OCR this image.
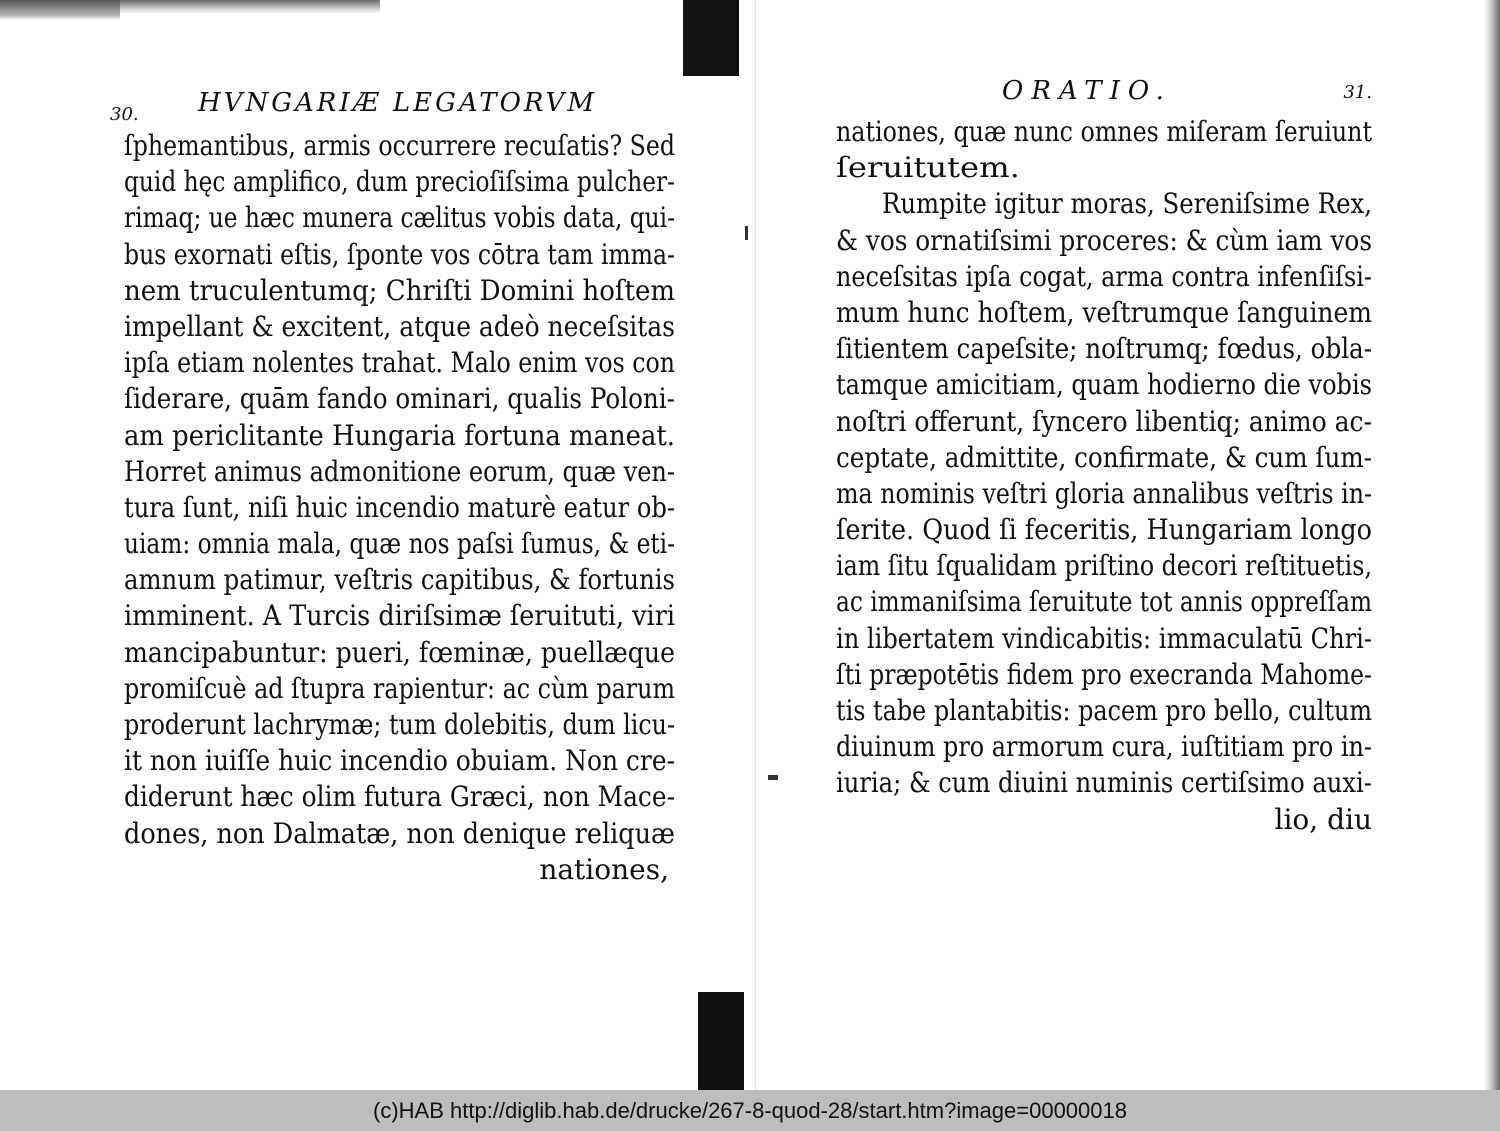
30. HVNGARIÆ LEGATORVM
ſphemantibus, armis occurrere recuſatis? Sed
quid hęc amplifico, dum precioſiſsima pulcher-
rimaq; ue hæc munera cælitus vobis data, qui-
bus exornati eſtis, ſponte vos cōtra tam imma-
nem truculentumq; Chriſti Domini hoſtem
impellant & excitent, atque adeò neceſsitas
ipſa etiam nolentes trahat. Malo enim vos con
ſiderare, quām fando ominari, qualis Poloni-
am periclitante Hungaria fortuna maneat.
Horret animus admonitione eorum, quæ ven-
tura ſunt, niſi huic incendio maturè eatur ob-
uiam: omnia mala, quæ nos paſsi ſumus, & eti-
amnum patimur, veſtris capitibus, & fortunis
imminent. A Turcis diriſsimæ ſeruituti, viri
mancipabuntur: pueri, fœminæ, puellæque
promiſcuè ad ſtupra rapientur: ac cùm parum
proderunt lachrymæ; tum dolebitis, dum licu-
it non iuiſſe huic incendio obuiam. Non cre-
diderunt hæc olim futura Græci, non Mace-
dones, non Dalmatæ, non denique reliquæ
nationes,
ORATIO.	31.
nationes, quæ nunc omnes miſeram ſeruiunt
ſeruitutem.
Rumpite igitur moras, Sereniſsime Rex,
& vos ornatiſsimi proceres: & cùm iam vos
neceſsitas ipſa cogat, arma contra infenſiſsi-
mum hunc hoſtem, veſtrumque ſanguinem
ſitientem capeſsite; noſtrumq; fœdus, obla-
tamque amicitiam, quam hodierno die vobis
noſtri offerunt, ſyncero libentiq; animo ac-
ceptate, admittite, confirmate, & cum ſum-
ma nominis veſtri gloria annalibus veſtris in-
ſerite. Quod ſi feceritis, Hungariam longo
iam ſitu ſqualidam priſtino decori reſtituetis,
ac immaniſsima ſeruitute tot annis oppreſſam
in libertatem vindicabitis: immaculatū Chri-
ſti præpotētis fidem pro execranda Mahome-
tis tabe plantabitis: pacem pro bello, cultum
diuinum pro armorum cura, iuſtitiam pro in-
iuria; & cum diuini numinis certiſsimo auxi-
lio, diu
(c)HAB http://diglib.hab.de/drucke/267-8-quod-28/start.htm?image=00000018
